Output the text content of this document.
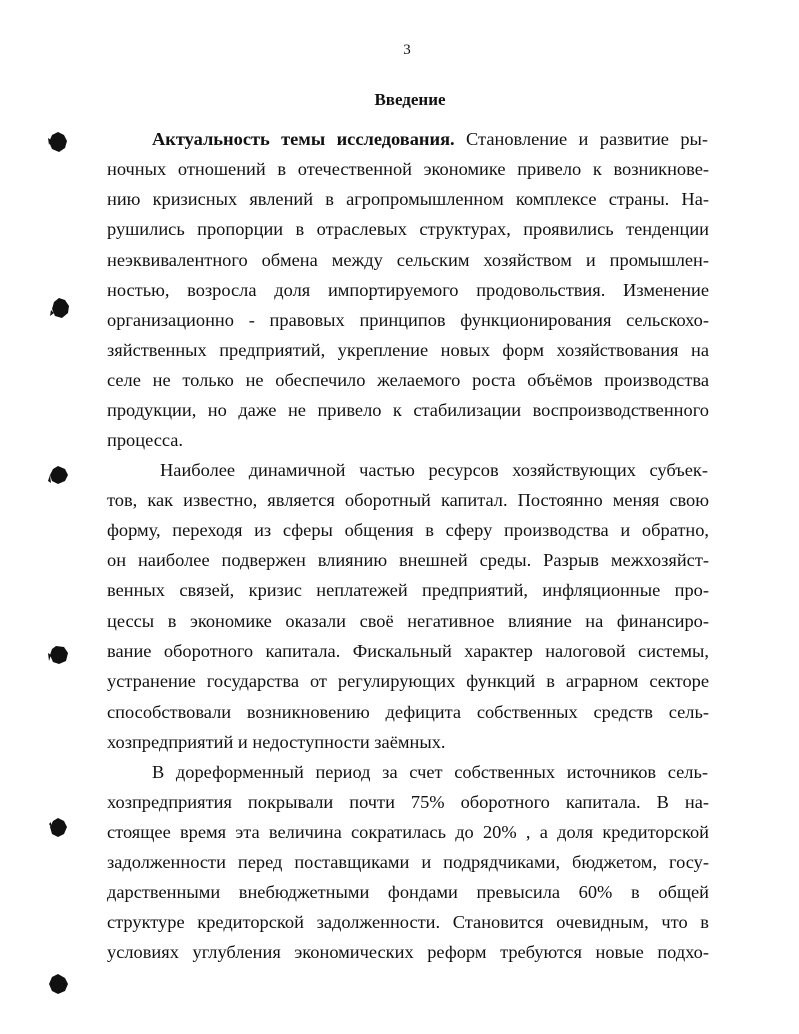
3
Введение
Актуальность темы исследования. Становление и развитие ры-
ночных отношений в отечественной экономике привело к возникнове-
нию кризисных явлений в агропромышленном комплексе страны. На-
рушились пропорции в отраслевых структурах, проявились тенденции
неэквивалентного обмена между сельским хозяйством и промышлен-
ностью, возросла доля импортируемого продовольствия. Изменение
организационно - правовых принципов функционирования сельскохо-
зяйственных предприятий, укрепление новых форм хозяйствования на
селе не только не обеспечило желаемого роста объёмов производства
продукции, но даже не привело к стабилизации воспроизводственного
процесса.
Наиболее динамичной частью ресурсов хозяйствующих субъек-
тов, как известно, является оборотный капитал. Постоянно меняя свою
форму, переходя из сферы общения в сферу производства и обратно,
он наиболее подвержен влиянию внешней среды. Разрыв межхозяйст-
венных связей, кризис неплатежей предприятий, инфляционные про-
цессы в экономике оказали своё негативное влияние на финансиро-
вание оборотного капитала. Фискальный характер налоговой системы,
устранение государства от регулирующих функций в аграрном секторе
способствовали возникновению дефицита собственных средств сель-
хозпредприятий и недоступности заёмных.
В дореформенный период за счет собственных источников сель-
хозпредприятия покрывали почти 75% оборотного капитала. В на-
стоящее время эта величина сократилась до 20% , а доля кредиторской
задолженности перед поставщиками и подрядчиками, бюджетом, госу-
дарственными внебюджетными фондами превысила 60% в общей
структуре кредиторской задолженности. Становится очевидным, что в
условиях углубления экономических реформ требуются новые подхо-
